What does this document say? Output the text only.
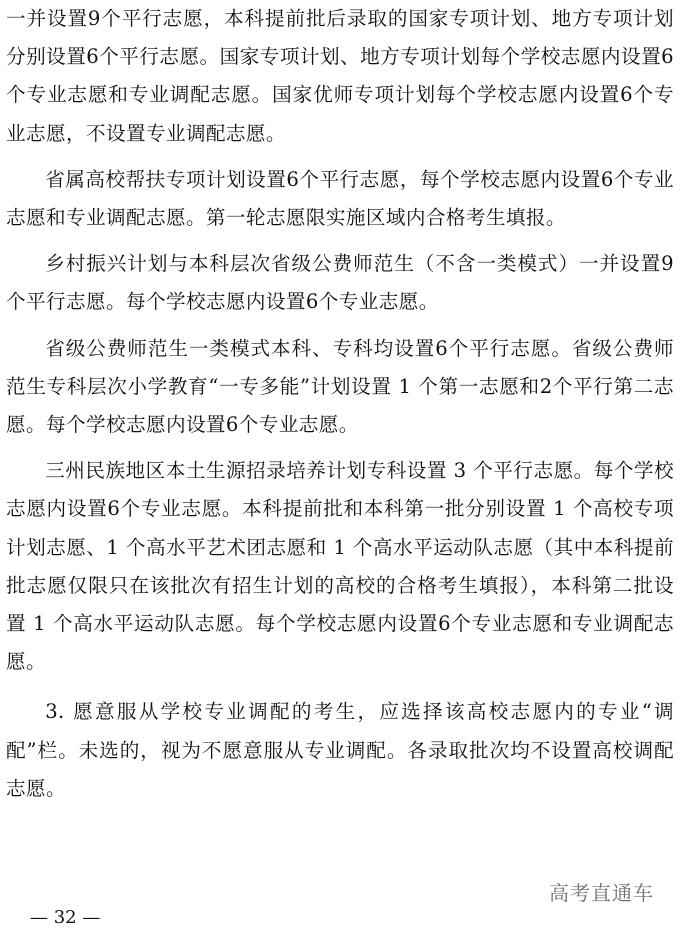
一并设置9个平行志愿，本科提前批后录取的国家专项计划、地方专项计划分别设置6个平行志愿。国家专项计划、地方专项计划每个学校志愿内设置6个专业志愿和专业调配志愿。国家优师专项计划每个学校志愿内设置6个专业志愿，不设置专业调配志愿。

省属高校帮扶专项计划设置6个平行志愿，每个学校志愿内设置6个专业志愿和专业调配志愿。第一轮志愿限实施区域内合格考生填报。

乡村振兴计划与本科层次省级公费师范生（不含一类模式）一并设置9个平行志愿。每个学校志愿内设置6个专业志愿。

省级公费师范生一类模式本科、专科均设置6个平行志愿。省级公费师范生专科层次小学教育“一专多能”计划设置 1 个第一志愿和2个平行第二志愿。每个学校志愿内设置6个专业志愿。

三州民族地区本土生源招录培养计划专科设置 3 个平行志愿。每个学校志愿内设置6个专业志愿。本科提前批和本科第一批分别设置 1 个高校专项计划志愿、1 个高水平艺术团志愿和 1 个高水平运动队志愿（其中本科提前批志愿仅限只在该批次有招生计划的高校的合格考生填报），本科第二批设置 1 个高水平运动队志愿。每个学校志愿内设置6个专业志愿和专业调配志愿。

3. 愿意服从学校专业调配的考生，应选择该高校志愿内的专业“调配”栏。未选的，视为不愿意服从专业调配。各录取批次均不设置高校调配志愿。

高考直通车
— 32 —
